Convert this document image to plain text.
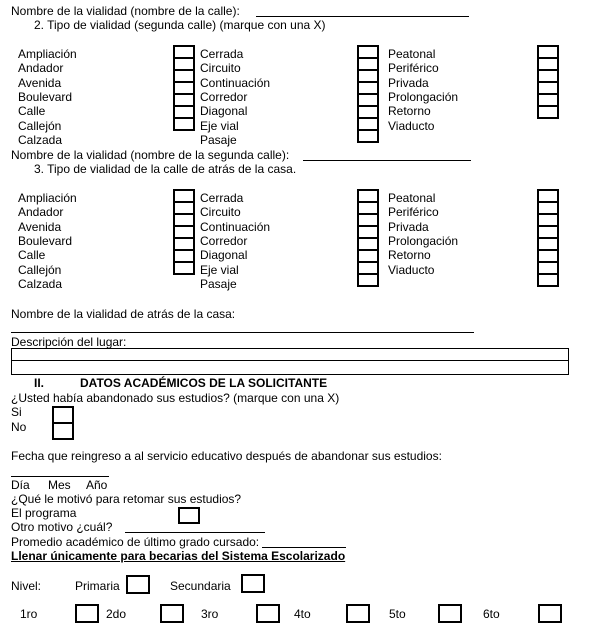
Nombre de la vialidad (nombre de la calle):
2. Tipo de vialidad (segunda calle) (marque con una X)
Ampliación
Andador
Avenida
Boulevard
Calle
Callejón
Calzada
Cerrada
Circuito
Continuación
Corredor
Diagonal
Eje vial
Pasaje
Peatonal
Periférico
Privada
Prolongación
Retorno
Viaducto
Nombre de la vialidad (nombre de la segunda calle):
3. Tipo de vialidad de la calle de atrás de la casa.
Ampliación
Andador
Avenida
Boulevard
Calle
Callejón
Calzada
Cerrada
Circuito
Continuación
Corredor
Diagonal
Eje vial
Pasaje
Peatonal
Periférico
Privada
Prolongación
Retorno
Viaducto
Nombre de la vialidad de atrás de la casa:
Descripción del lugar:
II.	DATOS ACADÉMICOS DE LA SOLICITANTE
¿Usted había abandonado sus estudios? (marque con una X)
Si
No
Fecha que reingreso a al servicio educativo después de abandonar sus estudios:
Día Mes Año
¿Qué le motivó para retomar sus estudios?
El programa
Otro motivo ¿cuál?
Promedio académico de último grado cursado:
Llenar únicamente para becarias del Sistema Escolarizado
Nivel:	Primaria	Secundaria
1ro	2do	3ro	4to	5to	6to
